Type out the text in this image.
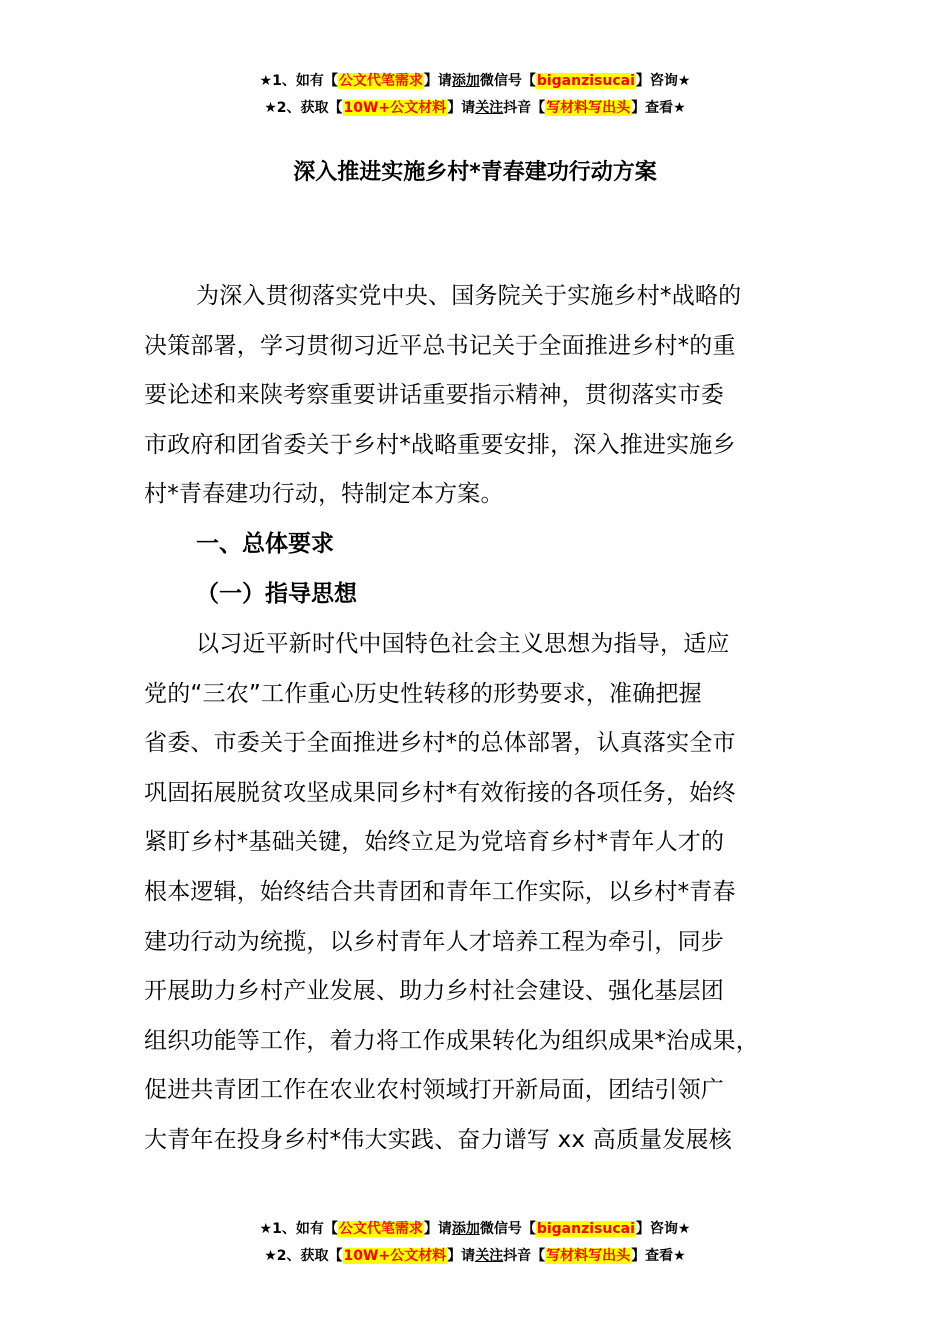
★1、如有【公文代笔需求】请添加微信号【biganzisucai】咨询★
★2、获取【10W+公文材料】请关注抖音【写材料写出头】查看★
深入推进实施乡村*青春建功行动方案
为深入贯彻落实党中央、国务院关于实施乡村*战略的
决策部署，学习贯彻习近平总书记关于全面推进乡村*的重
要论述和来陕考察重要讲话重要指示精神，贯彻落实市委
市政府和团省委关于乡村*战略重要安排，深入推进实施乡
村*青春建功行动，特制定本方案。
一、总体要求
（一）指导思想
以习近平新时代中国特色社会主义思想为指导，适应
党的“三农”工作重心历史性转移的形势要求，准确把握
省委、市委关于全面推进乡村*的总体部署，认真落实全市
巩固拓展脱贫攻坚成果同乡村*有效衔接的各项任务，始终
紧盯乡村*基础关键，始终立足为党培育乡村*青年人才的
根本逻辑，始终结合共青团和青年工作实际，以乡村*青春
建功行动为统揽，以乡村青年人才培养工程为牵引，同步
开展助力乡村产业发展、助力乡村社会建设、强化基层团
组织功能等工作，着力将工作成果转化为组织成果*治成果，
促进共青团工作在农业农村领域打开新局面，团结引领广
大青年在投身乡村*伟大实践、奋力谱写 xx 高质量发展核
★1、如有【公文代笔需求】请添加微信号【biganzisucai】咨询★
★2、获取【10W+公文材料】请关注抖音【写材料写出头】查看★
